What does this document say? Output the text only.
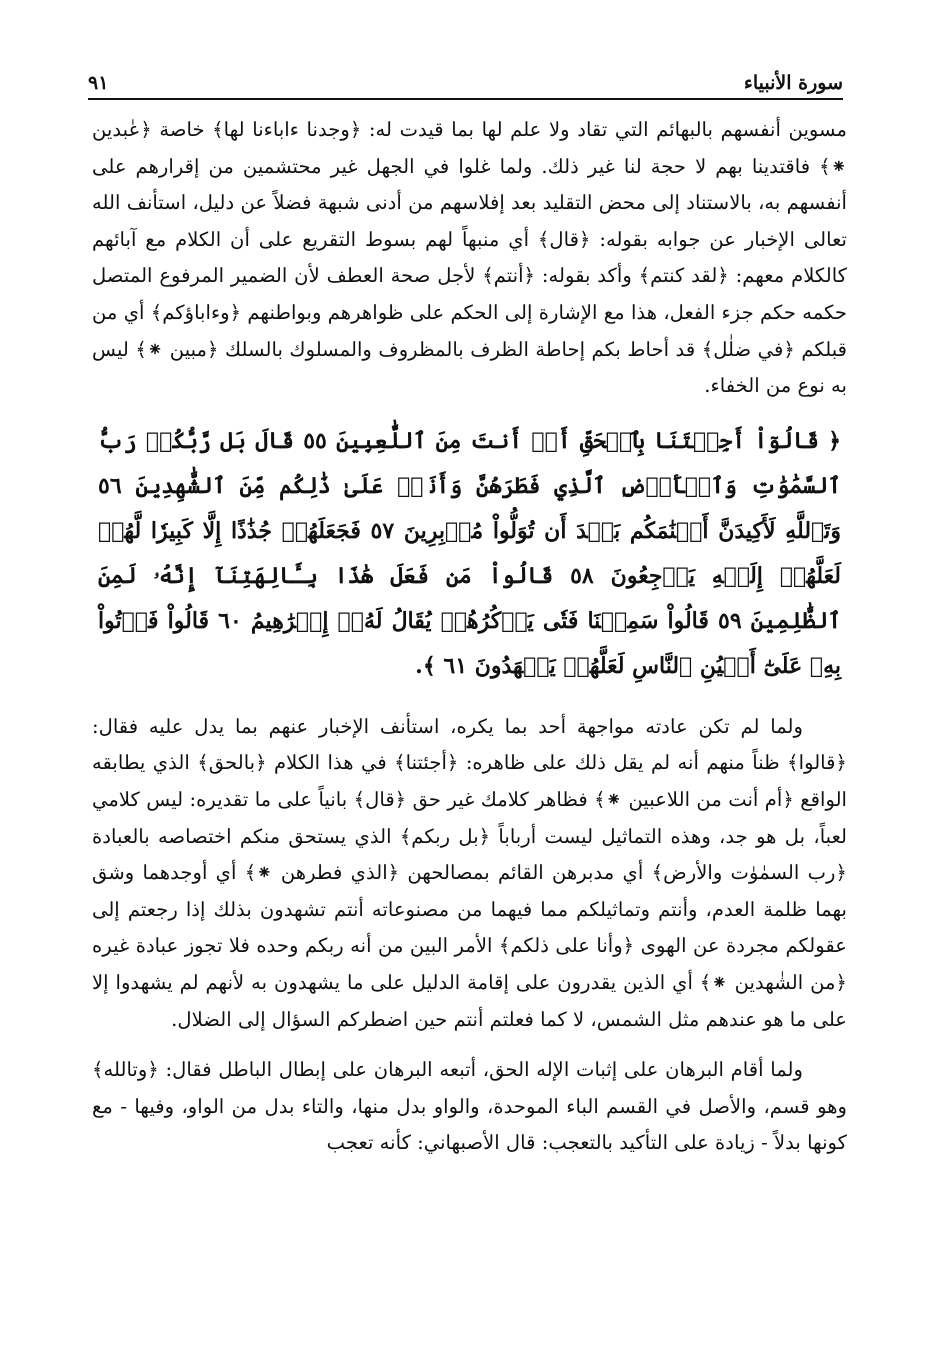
سورة الأنبياء
٩١

مسوين أنفسهم بالبهائم التي تقاد ولا علم لها بما قيدت له: ﴿وجدنا ءاباءنا لها﴾ خاصة ﴿عٰبدين ⁕﴾ فاقتدينا بهم لا حجة لنا غير ذلك. ولما غلوا في الجهل غير محتشمين من إقرارهم على أنفسهم به، بالاستناد إلى محض التقليد بعد إفلاسهم من أدنى شبهة فضلاً عن دليل، استأنف الله تعالى الإخبار عن جوابه بقوله: ﴿قال﴾ أي منبهاً لهم بسوط التقريع على أن الكلام مع آبائهم كالكلام معهم: ﴿لقد كنتم﴾ وأكد بقوله: ﴿أنتم﴾ لأجل صحة العطف لأن الضمير المرفوع المتصل حكمه حكم جزء الفعل، هذا مع الإشارة إلى الحكم على ظواهرهم وبواطنهم ﴿وءاباؤكم﴾ أي من قبلكم ﴿في ضلٰل﴾ قد أحاط بكم إحاطة الظرف بالمظروف والمسلوك بالسلك ﴿مبين ⁕﴾ ليس به نوع من الخفاء.

﴿ قَالُوٓاْ أَجِئۡتَنَا بِٱلۡحَقِّ أَمۡ أَنتَ مِنَ ٱللَّٰعِبِينَ ٥٥ قَالَ بَل رَّبُّكُمۡ رَبُّ ٱلسَّمَٰوَٰتِ وَٱلۡأَرۡضِ ٱلَّذِي فَطَرَهُنَّ وَأَنَا۠ عَلَىٰ ذَٰلِكُم مِّنَ ٱلشَّٰهِدِينَ ٥٦ وَتَٱللَّهِ لَأَكِيدَنَّ أَصۡنَٰمَكُم بَعۡدَ أَن تُوَلُّواْ مُدۡبِرِينَ ٥٧ فَجَعَلَهُمۡ جُذَٰذًا إِلَّا كَبِيرٗا لَّهُمۡ لَعَلَّهُمۡ إِلَيۡهِ يَرۡجِعُونَ ٥٨ قَالُواْ مَن فَعَلَ هَٰذَا بِـَٔالِهَتِنَآ إِنَّهُۥ لَمِنَ ٱلظَّٰلِمِينَ ٥٩ قَالُواْ سَمِعۡنَا فَتٗى يَذۡكُرُهُمۡ يُقَالُ لَهُۥٓ إِبۡرَٰهِيمُ ٦٠ قَالُواْ فَأۡتُواْ بِهِۦ عَلَىٰٓ أَعۡيُنِ ٱلنَّاسِ لَعَلَّهُمۡ يَشۡهَدُونَ ٦١ ﴾.

ولما لم تكن عادته مواجهة أحد بما يكره، استأنف الإخبار عنهم بما يدل عليه فقال: ﴿قالوا﴾ ظناً منهم أنه لم يقل ذلك على ظاهره: ﴿أجئتنا﴾ في هذا الكلام ﴿بالحق﴾ الذي يطابقه الواقع ﴿أم أنت من اللاعبين ⁕﴾ فظاهر كلامك غير حق ﴿قال﴾ بانياً على ما تقديره: ليس كلامي لعباً، بل هو جد، وهذه التماثيل ليست أرباباً ﴿بل ربكم﴾ الذي يستحق منكم اختصاصه بالعبادة ﴿رب السمٰوٰت والأرض﴾ أي مدبرهن القائم بمصالحهن ﴿الذي فطرهن ⁕﴾ أي أوجدهما وشق بهما ظلمة العدم، وأنتم وتماثيلكم مما فيهما من مصنوعاته أنتم تشهدون بذلك إذا رجعتم إلى عقولكم مجردة عن الهوى ﴿وأنا على ذلكم﴾ الأمر البين من أنه ربكم وحده فلا تجوز عبادة غيره ﴿من الشٰهدين ⁕﴾ أي الذين يقدرون على إقامة الدليل على ما يشهدون به لأنهم لم يشهدوا إلا على ما هو عندهم مثل الشمس، لا كما فعلتم أنتم حين اضطركم السؤال إلى الضلال.

ولما أقام البرهان على إثبات الإله الحق، أتبعه البرهان على إبطال الباطل فقال: ﴿وتالله﴾وهو قسم، والأصل في القسم الباء الموحدة، والواو بدل منها، والتاء بدل من الواو، وفيها - مع كونها بدلاً - زيادة على التأكيد بالتعجب: قال الأصبهاني: كأنه تعجب
